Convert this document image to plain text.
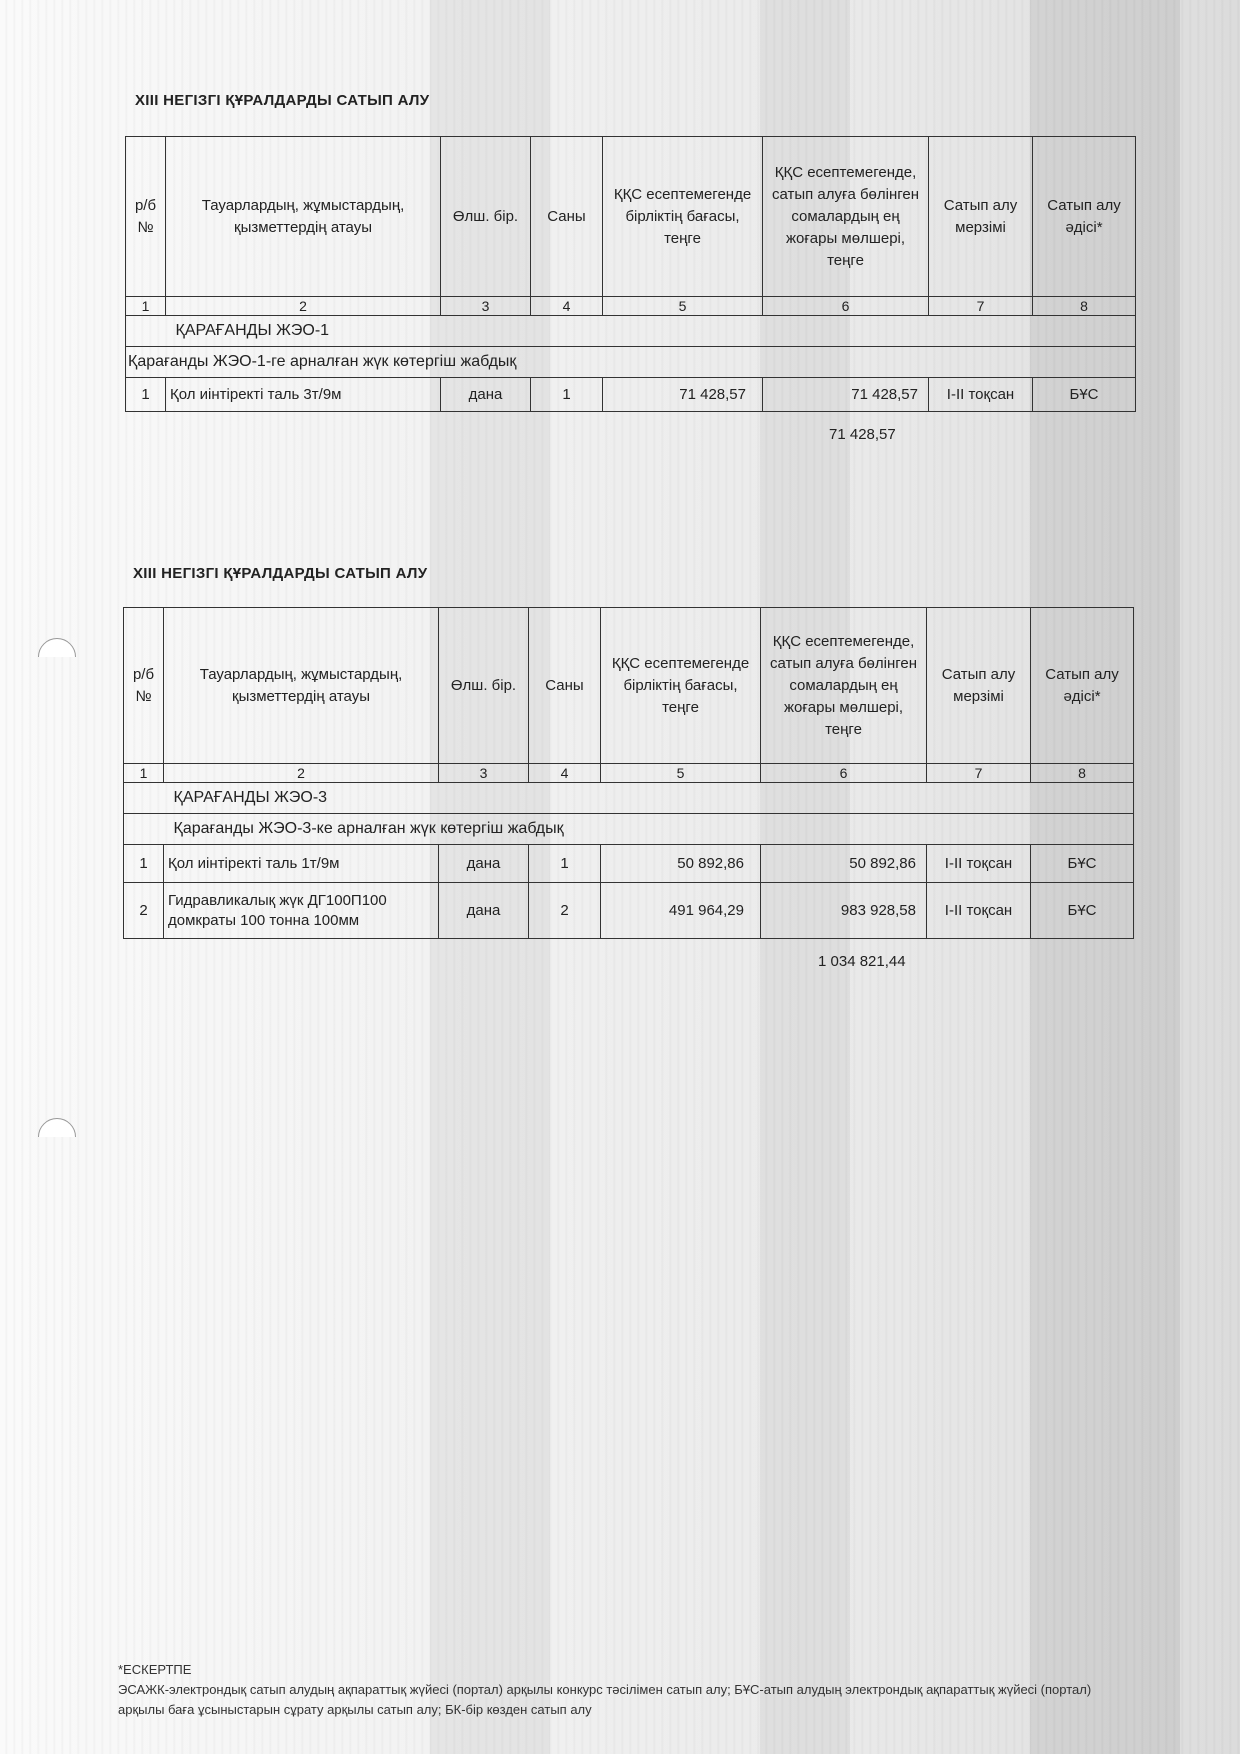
XIII НЕГІЗГІ ҚҰРАЛДАРДЫ САТЫП АЛУ
р/б №	Тауарлардың, жұмыстардың, қызметтердің атауы	Өлш. бір.	Саны	ҚҚС есептемегенде бірліктің бағасы, теңге	ҚҚС есептемегенде, сатып алуға бөлінген сомалардың ең жоғары мөлшері, теңге	Сатып алу мерзімі	Сатып алу әдісі*
1	2	3	4	5	6	7	8
	ҚАРАҒАНДЫ ЖЭО-1						
Қарағанды ЖЭО-1-ге арналған жүк көтергіш жабдық							
1	Қол иінтіректі таль 3т/9м	дана	1	71 428,57	71 428,57	I-II тоқсан	БҰС
71 428,57
XIII НЕГІЗГІ ҚҰРАЛДАРДЫ САТЫП АЛУ
р/б №	Тауарлардың, жұмыстардың, қызметтердің атауы	Өлш. бір.	Саны	ҚҚС есептемегенде бірліктің бағасы, теңге	ҚҚС есептемегенде, сатып алуға бөлінген сомалардың ең жоғары мөлшері, теңге	Сатып алу мерзімі	Сатып алу әдісі*
1	2	3	4	5	6	7	8
	ҚАРАҒАНДЫ ЖЭО-3						
	Қарағанды ЖЭО-3-ке арналған жүк көтергіш жабдық						
1	Қол иінтіректі таль 1т/9м	дана	1	50 892,86	50 892,86	I-II тоқсан	БҰС
2	Гидравликалық жүк ДГ100П100 домкраты 100 тонна 100мм	дана	2	491 964,29	983 928,58	I-II тоқсан	БҰС
1 034 821,44
*ЕСКЕРТПЕ
ЭСАЖК-электрондық сатып алудың ақпараттық жүйесі (портал) арқылы конкурс тәсілімен сатып алу; БҰС-атып алудың электрондық ақпараттық жүйесі (портал) арқылы баға ұсыныстарын сұрату арқылы сатып алу; БК-бір көзден сатып алу
